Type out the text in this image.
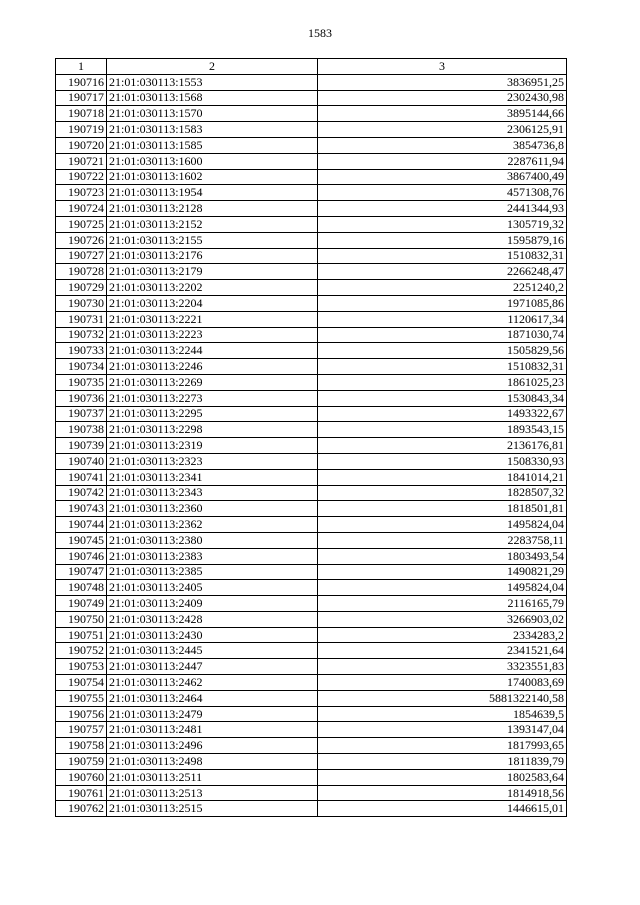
1583
1	2	3
190716	21:01:030113:1553	3836951,25
190717	21:01:030113:1568	2302430,98
190718	21:01:030113:1570	3895144,66
190719	21:01:030113:1583	2306125,91
190720	21:01:030113:1585	3854736,8
190721	21:01:030113:1600	2287611,94
190722	21:01:030113:1602	3867400,49
190723	21:01:030113:1954	4571308,76
190724	21:01:030113:2128	2441344,93
190725	21:01:030113:2152	1305719,32
190726	21:01:030113:2155	1595879,16
190727	21:01:030113:2176	1510832,31
190728	21:01:030113:2179	2266248,47
190729	21:01:030113:2202	2251240,2
190730	21:01:030113:2204	1971085,86
190731	21:01:030113:2221	1120617,34
190732	21:01:030113:2223	1871030,74
190733	21:01:030113:2244	1505829,56
190734	21:01:030113:2246	1510832,31
190735	21:01:030113:2269	1861025,23
190736	21:01:030113:2273	1530843,34
190737	21:01:030113:2295	1493322,67
190738	21:01:030113:2298	1893543,15
190739	21:01:030113:2319	2136176,81
190740	21:01:030113:2323	1508330,93
190741	21:01:030113:2341	1841014,21
190742	21:01:030113:2343	1828507,32
190743	21:01:030113:2360	1818501,81
190744	21:01:030113:2362	1495824,04
190745	21:01:030113:2380	2283758,11
190746	21:01:030113:2383	1803493,54
190747	21:01:030113:2385	1490821,29
190748	21:01:030113:2405	1495824,04
190749	21:01:030113:2409	2116165,79
190750	21:01:030113:2428	3266903,02
190751	21:01:030113:2430	2334283,2
190752	21:01:030113:2445	2341521,64
190753	21:01:030113:2447	3323551,83
190754	21:01:030113:2462	1740083,69
190755	21:01:030113:2464	5881322140,58
190756	21:01:030113:2479	1854639,5
190757	21:01:030113:2481	1393147,04
190758	21:01:030113:2496	1817993,65
190759	21:01:030113:2498	1811839,79
190760	21:01:030113:2511	1802583,64
190761	21:01:030113:2513	1814918,56
190762	21:01:030113:2515	1446615,01
